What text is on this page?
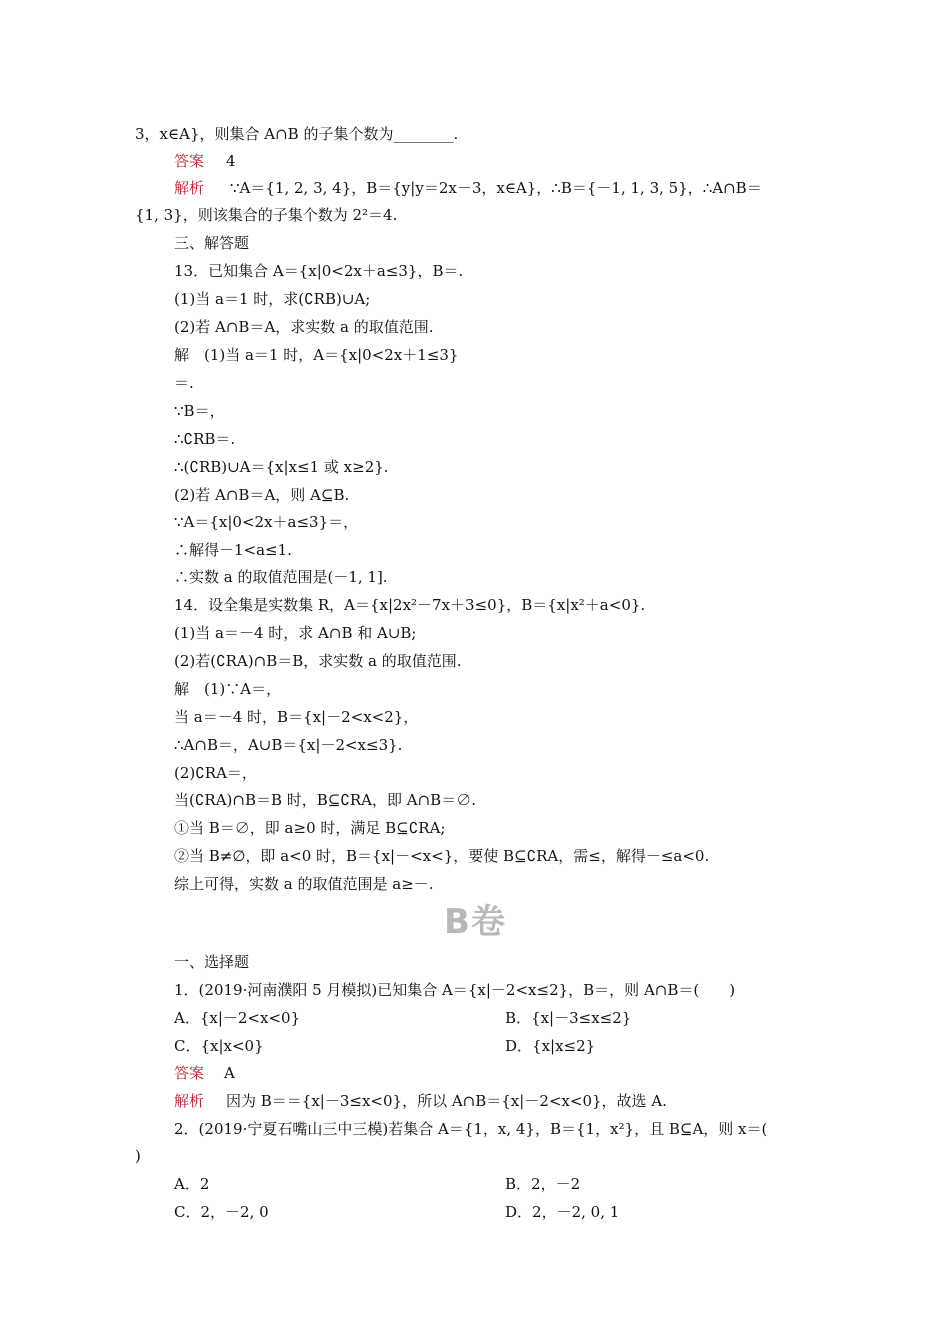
3，x∈A}，则集合 A∩B 的子集个数为________.
答案 4
解析 ∵A＝{1, 2, 3, 4}，B＝{y|y＝2x－3，x∈A}，∴B＝{－1, 1, 3, 5}，∴A∩B＝
{1, 3}，则该集合的子集个数为 2²＝4.
三、解答题
13．已知集合 A＝{x|0<2x＋a≤3}，B＝.
(1)当 a＝1 时，求(∁RB)∪A;
(2)若 A∩B＝A，求实数 a 的取值范围.
解　(1)当 a＝1 时，A＝{x|0<2x＋1≤3}
＝.
∵B＝，
∴∁RB＝.
∴(∁RB)∪A＝{x|x≤1 或 x≥2}.
(2)若 A∩B＝A，则 A⊆B.
∵A＝{x|0<2x＋a≤3}＝，
∴解得－1<a≤1.
∴实数 a 的取值范围是(－1, 1].
14．设全集是实数集 R，A＝{x|2x²－7x＋3≤0}，B＝{x|x²＋a<0}.
(1)当 a＝－4 时，求 A∩B 和 A∪B;
(2)若(∁RA)∩B＝B，求实数 a 的取值范围.
解　(1)∵A＝，
当 a＝－4 时，B＝{x|－2<x<2}，
∴A∩B＝，A∪B＝{x|－2<x≤3}.
(2)∁RA＝，
当(∁RA)∩B＝B 时，B⊆∁RA，即 A∩B＝∅.
①当 B＝∅，即 a≥0 时，满足 B⊆∁RA;
②当 B≠∅，即 a<0 时，B＝{x|－<x<}，要使 B⊆∁RA，需≤，解得－≤a<0.
综上可得，实数 a 的取值范围是 a≥－.
B卷
一、选择题
1．(2019·河南濮阳 5 月模拟)已知集合 A＝{x|－2<x≤2}，B＝，则 A∩B＝(　　)
A．{x|－2<x<0}	B．{x|－3≤x≤2}
C．{x|x<0}	D．{x|x≤2}
答案 A
解析 因为 B＝＝{x|－3≤x<0}，所以 A∩B＝{x|－2<x<0}，故选 A.
2．(2019·宁夏石嘴山三中三模)若集合 A＝{1，x, 4}，B＝{1，x²}，且 B⊆A，则 x＝(
)
A．2	B．2，－2
C．2，－2, 0	D．2，－2, 0, 1
